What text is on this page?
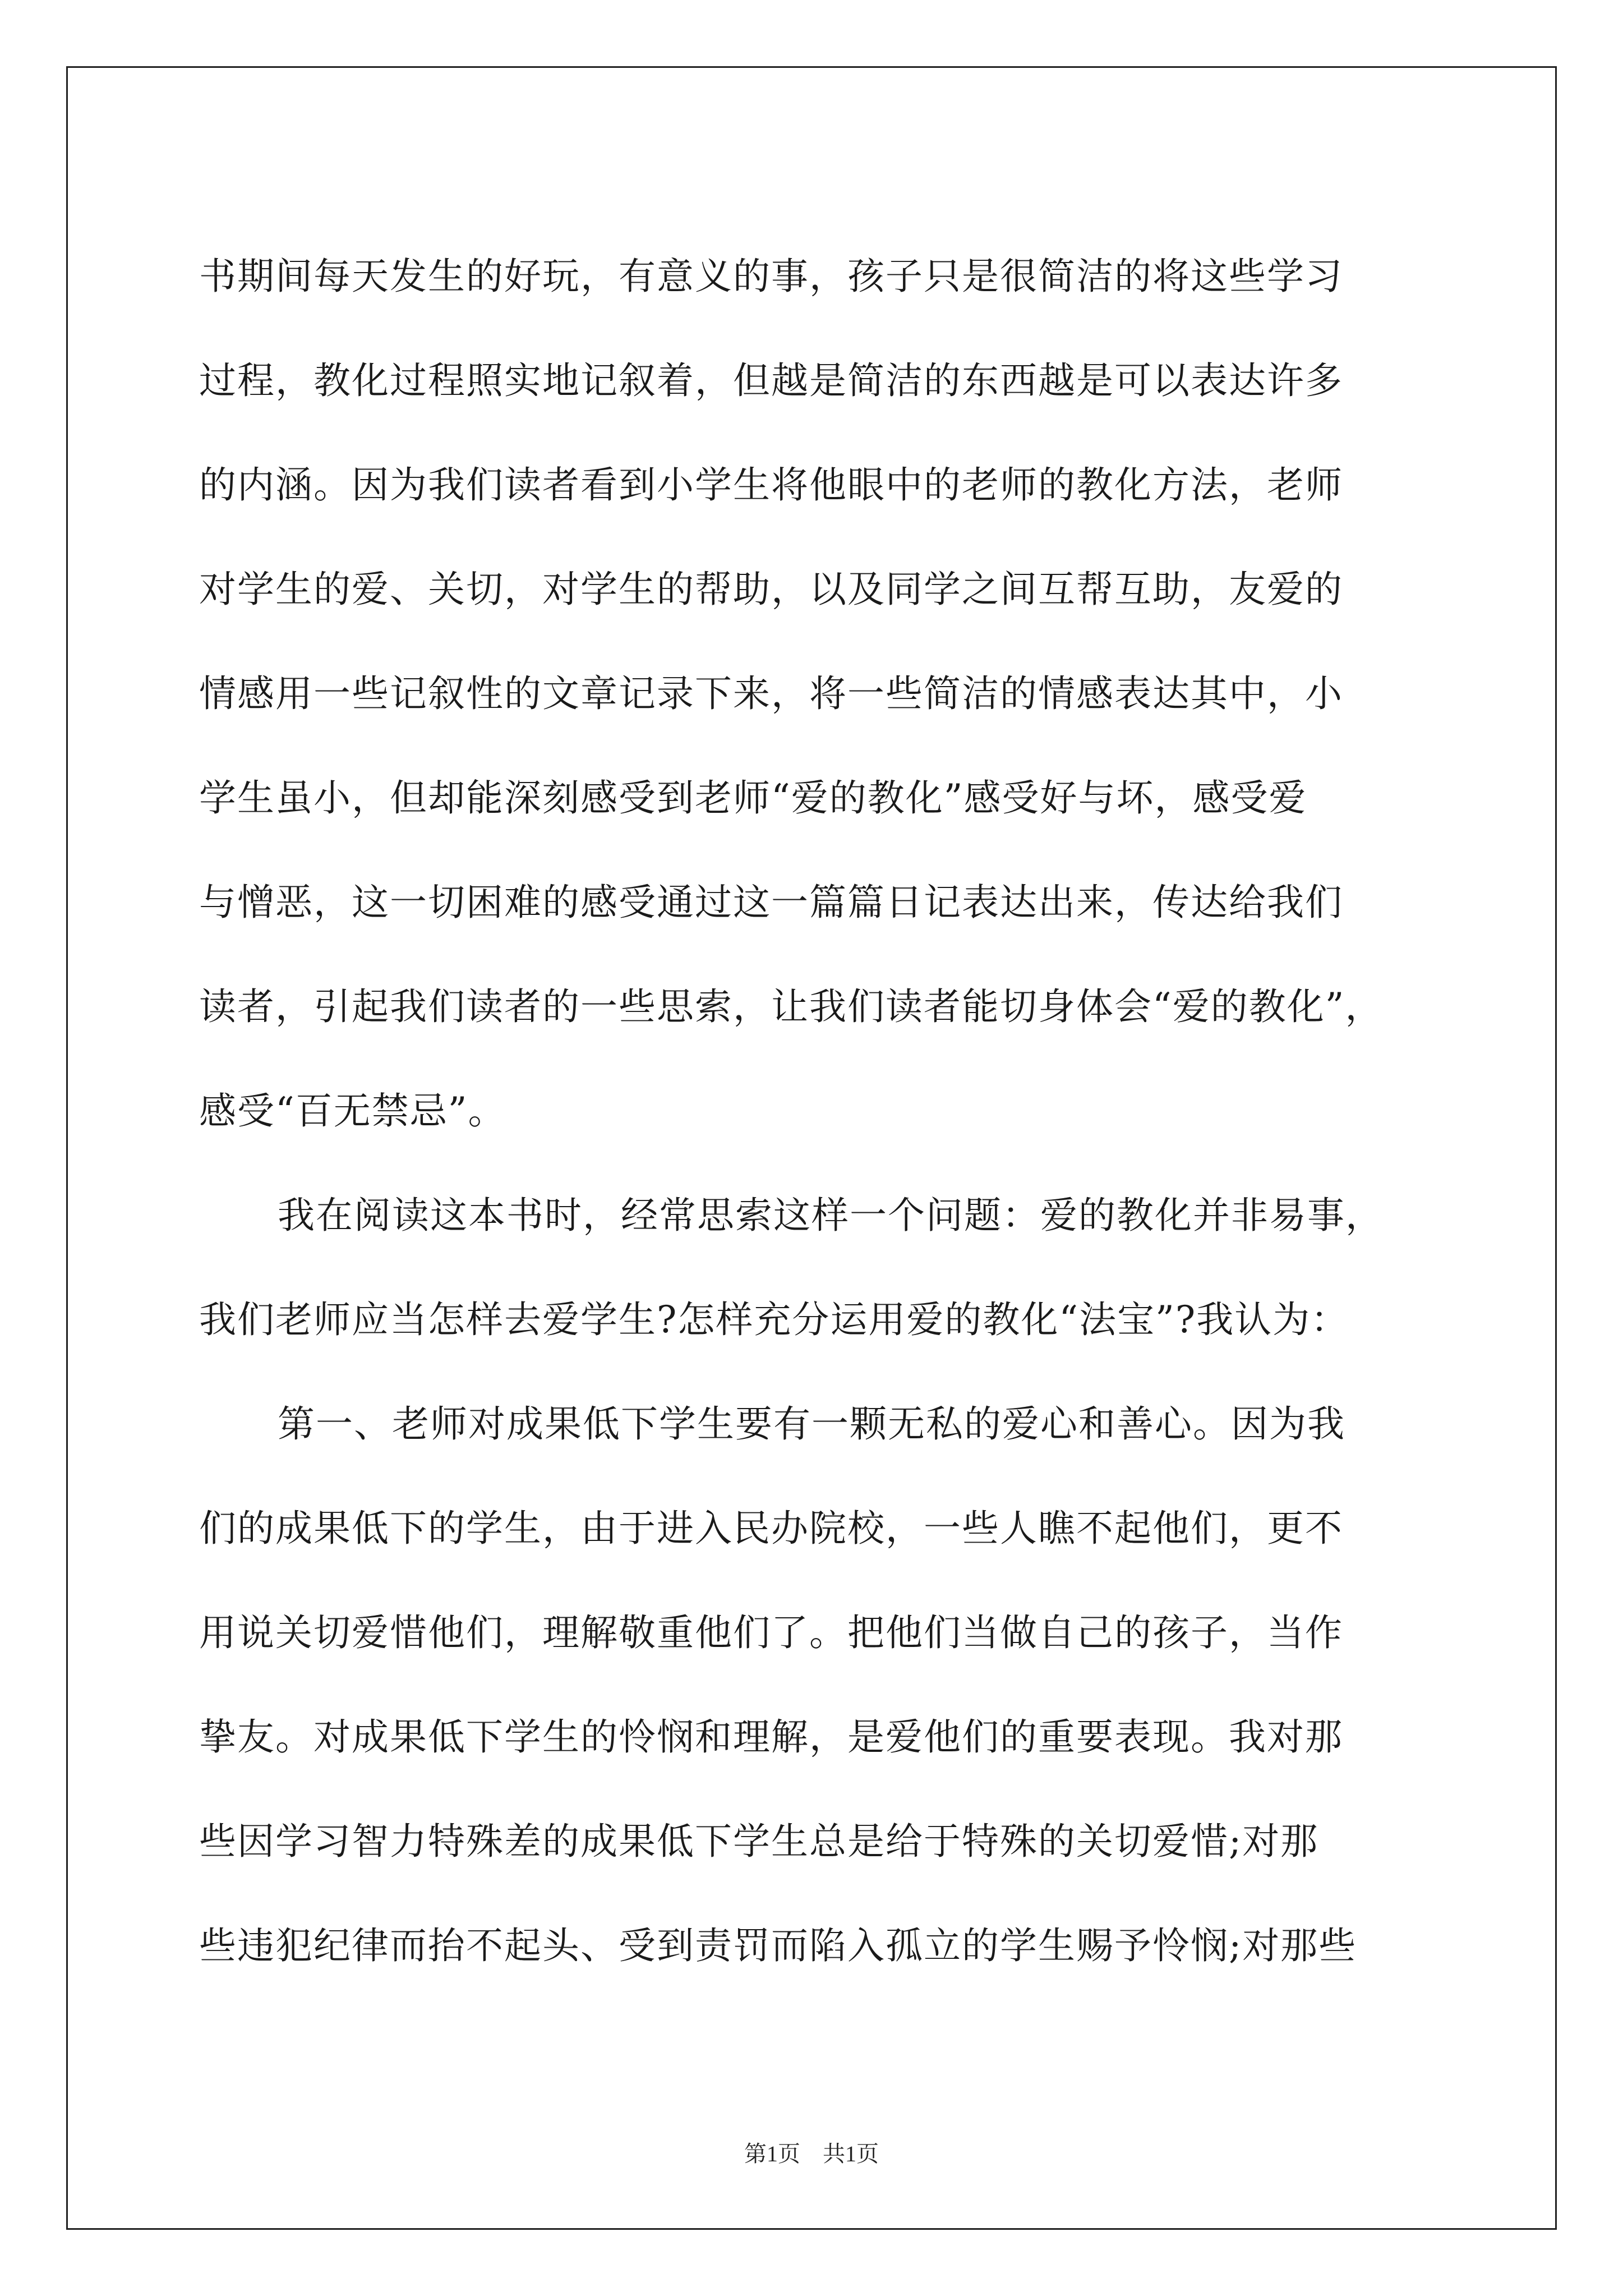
书期间每天发生的好玩，有意义的事，孩子只是很简洁的将这些学习
过程，教化过程照实地记叙着，但越是简洁的东西越是可以表达许多
的内涵。因为我们读者看到小学生将他眼中的老师的教化方法，老师
对学生的爱、关切，对学生的帮助，以及同学之间互帮互助，友爱的
情感用一些记叙性的文章记录下来，将一些简洁的情感表达其中，小
学生虽小，但却能深刻感受到老师“爱的教化”感受好与坏，感受爱
与憎恶，这一切困难的感受通过这一篇篇日记表达出来，传达给我们
读者，引起我们读者的一些思索，让我们读者能切身体会“爱的教化”，
感受“百无禁忌”。
我在阅读这本书时，经常思索这样一个问题：爱的教化并非易事，
我们老师应当怎样去爱学生?怎样充分运用爱的教化“法宝”?我认为：
第一、老师对成果低下学生要有一颗无私的爱心和善心。因为我
们的成果低下的学生，由于进入民办院校，一些人瞧不起他们，更不
用说关切爱惜他们，理解敬重他们了。把他们当做自己的孩子，当作
挚友。对成果低下学生的怜悯和理解，是爱他们的重要表现。我对那
些因学习智力特殊差的成果低下学生总是给于特殊的关切爱惜;对那
些违犯纪律而抬不起头、受到责罚而陷入孤立的学生赐予怜悯;对那些
第1页 共1页
